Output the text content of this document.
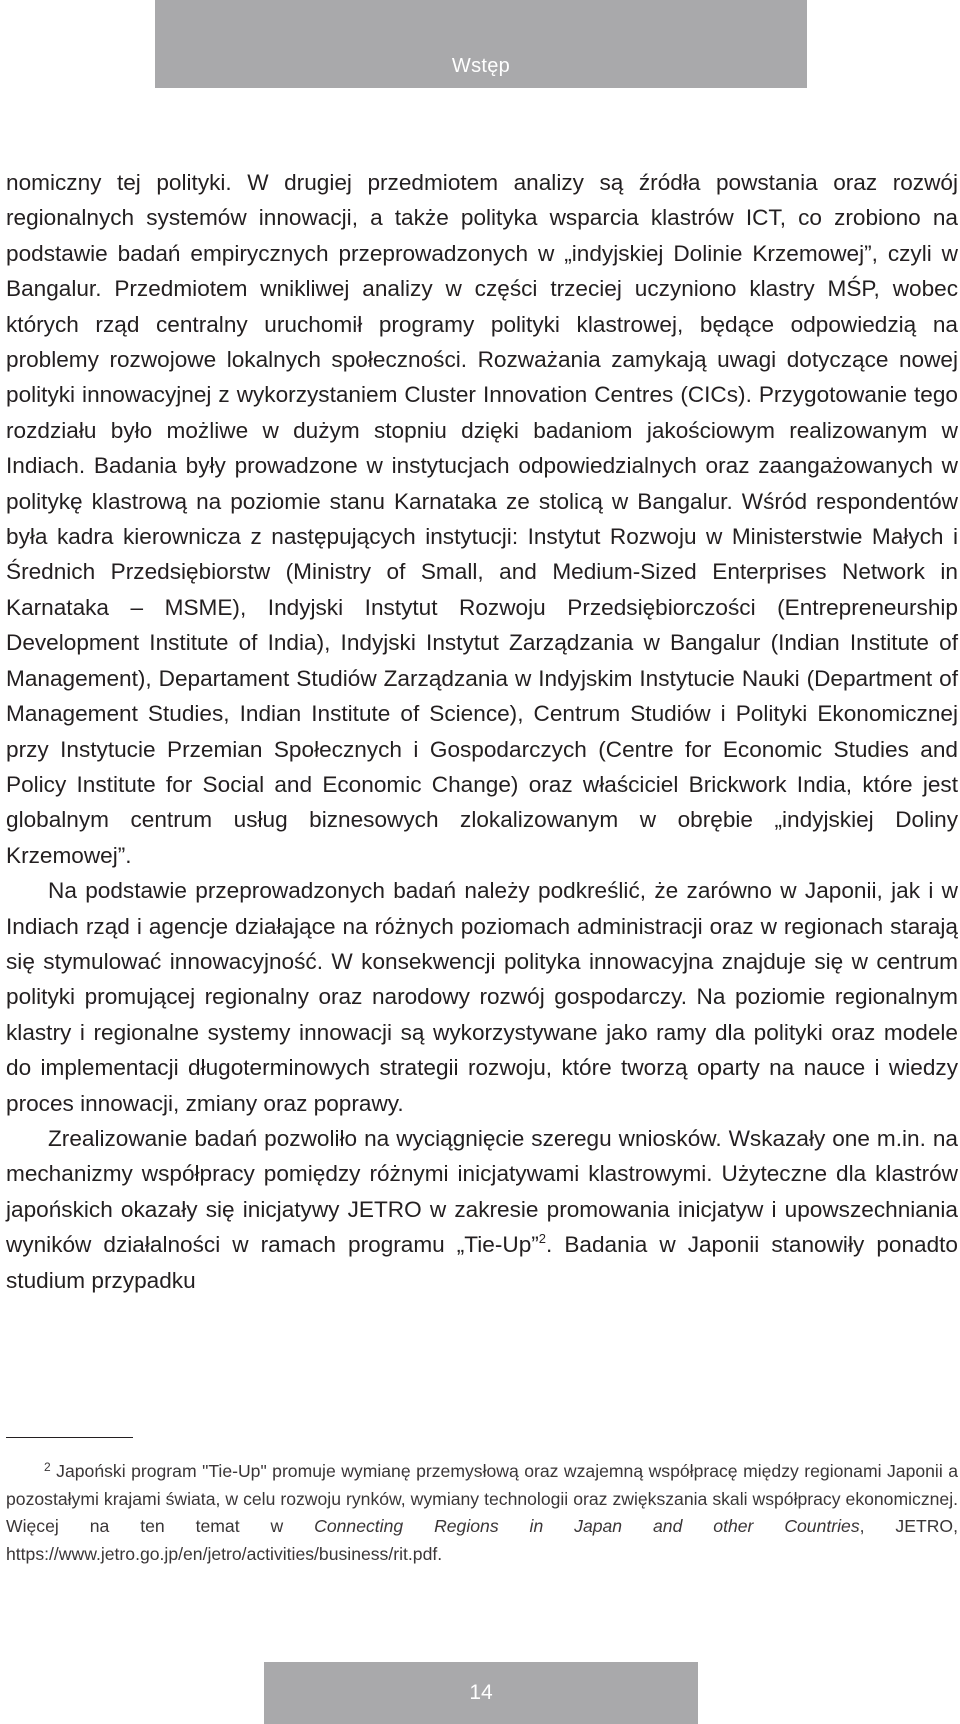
Wstęp

nomiczny tej polityki. W drugiej przedmiotem analizy są źródła powstania oraz rozwój regionalnych systemów innowacji, a także polityka wsparcia klastrów ICT, co zrobiono na podstawie badań empirycznych przeprowadzonych w „indyjskiej Dolinie Krzemowej”, czyli w Bangalur. Przedmiotem wnikliwej analizy w części trzeciej uczyniono klastry MŚP, wobec których rząd centralny uruchomił programy polityki klastrowej, będące odpowiedzią na problemy rozwojowe lokalnych społeczności. Rozważania zamykają uwagi dotyczące nowej polityki innowacyjnej z wykorzystaniem Cluster Innovation Centres (CICs). Przygotowanie tego rozdziału było możliwe w dużym stopniu dzięki badaniom jakościowym realizowanym w Indiach. Badania były prowadzone w instytucjach odpowiedzialnych oraz zaangażowanych w politykę klastrową na poziomie stanu Karnataka ze stolicą w Bangalur. Wśród respondentów była kadra kierownicza z następujących instytucji: Instytut Rozwoju w Ministerstwie Małych i Średnich Przedsiębiorstw (Ministry of Small, and Medium-Sized Enterprises Network in Karnataka – MSME), Indyjski Instytut Rozwoju Przedsiębiorczości (Entrepreneurship Development Institute of India), Indyjski Instytut Zarządzania w Bangalur (Indian Institute of Management), Departament Studiów Zarządzania w Indyjskim Instytucie Nauki (Department of Management Studies, Indian Institute of Science), Centrum Studiów i Polityki Ekonomicznej przy Instytucie Przemian Społecznych i Gospodarczych (Centre for Economic Studies and Policy Institute for Social and Economic Change) oraz właściciel Brickwork India, które jest globalnym centrum usług biznesowych zlokalizowanym w obrębie „indyjskiej Doliny Krzemowej”.

Na podstawie przeprowadzonych badań należy podkreślić, że zarówno w Japonii, jak i w Indiach rząd i agencje działające na różnych poziomach administracji oraz w regionach starają się stymulować innowacyjność. W konsekwencji polityka innowacyjna znajduje się w centrum polityki promującej regionalny oraz narodowy rozwój gospodarczy. Na poziomie regionalnym klastry i regionalne systemy innowacji są wykorzystywane jako ramy dla polityki oraz modele do implementacji długoterminowych strategii rozwoju, które tworzą oparty na nauce i wiedzy proces innowacji, zmiany oraz poprawy.

Zrealizowanie badań pozwoliło na wyciągnięcie szeregu wniosków. Wskazały one m.in. na mechanizmy współpracy pomiędzy różnymi inicjatywami klastrowymi. Użyteczne dla klastrów japońskich okazały się inicjatywy JETRO w zakresie promowania inicjatyw i upowszechniania wyników działalności w ramach programu „Tie-Up”$^2$. Badania w Japonii stanowiły ponadto studium przypadku

$^2$ Japoński program "Tie-Up" promuje wymianę przemysłową oraz wzajemną współpracę między regionami Japonii a pozostałymi krajami świata, w celu rozwoju rynków, wymiany technologii oraz zwiększania skali współpracy ekonomicznej. Więcej na ten temat w Connecting Regions in Japan and other Countries, JETRO, https://www.jetro.go.jp/en/jetro/activities/business/rit.pdf.
14
